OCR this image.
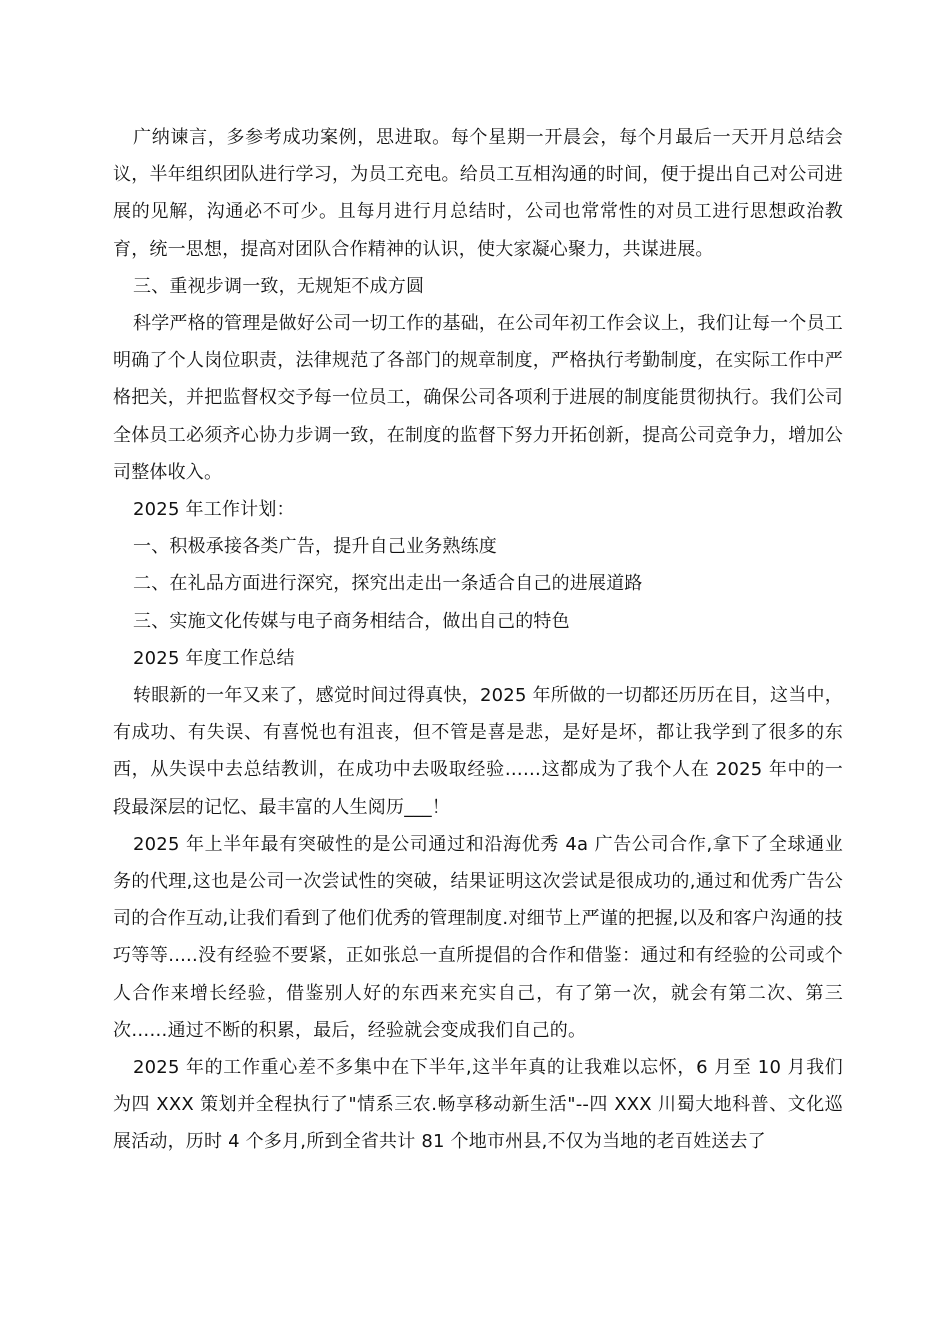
广纳谏言，多参考成功案例，思进取。每个星期一开晨会，每个月最后一天开月总结会议，半年组织团队进行学习，为员工充电。给员工互相沟通的时间，便于提出自己对公司进展的见解，沟通必不可少。且每月进行月总结时，公司也常常性的对员工进行思想政治教育，统一思想，提高对团队合作精神的认识，使大家凝心聚力，共谋进展。

三、重视步调一致，无规矩不成方圆

科学严格的管理是做好公司一切工作的基础，在公司年初工作会议上，我们让每一个员工明确了个人岗位职责，法律规范了各部门的规章制度，严格执行考勤制度，在实际工作中严格把关，并把监督权交予每一位员工，确保公司各项利于进展的制度能贯彻执行。我们公司全体员工必须齐心协力步调一致，在制度的监督下努力开拓创新，提高公司竞争力，增加公司整体收入。

2025 年工作计划：

一、积极承接各类广告，提升自己业务熟练度

二、在礼品方面进行深究，探究出走出一条适合自己的进展道路

三、实施文化传媒与电子商务相结合，做出自己的特色

2025 年度工作总结

转眼新的一年又来了，感觉时间过得真快，2025 年所做的一切都还历历在目，这当中，有成功、有失误、有喜悦也有沮丧，但不管是喜是悲，是好是坏，都让我学到了很多的东西，从失误中去总结教训，在成功中去吸取经验……这都成为了我个人在 2025 年中的一段最深层的记忆、最丰富的人生阅历___！

2025 年上半年最有突破性的是公司通过和沿海优秀 4a 广告公司合作,拿下了全球通业务的代理,这也是公司一次尝试性的突破，结果证明这次尝试是很成功的,通过和优秀广告公司的合作互动,让我们看到了他们优秀的管理制度.对细节上严谨的把握,以及和客户沟通的技巧等等.....没有经验不要紧，正如张总一直所提倡的合作和借鉴：通过和有经验的公司或个人合作来增长经验，借鉴别人好的东西来充实自己，有了第一次，就会有第二次、第三次……通过不断的积累，最后，经验就会变成我们自己的。

2025 年的工作重心差不多集中在下半年,这半年真的让我难以忘怀，6 月至 10 月我们为四 XXX 策划并全程执行了"情系三农.畅享移动新生活"--四 XXX 川蜀大地科普、文化巡展活动，历时 4 个多月,所到全省共计 81 个地市州县,不仅为当地的老百姓送去了
